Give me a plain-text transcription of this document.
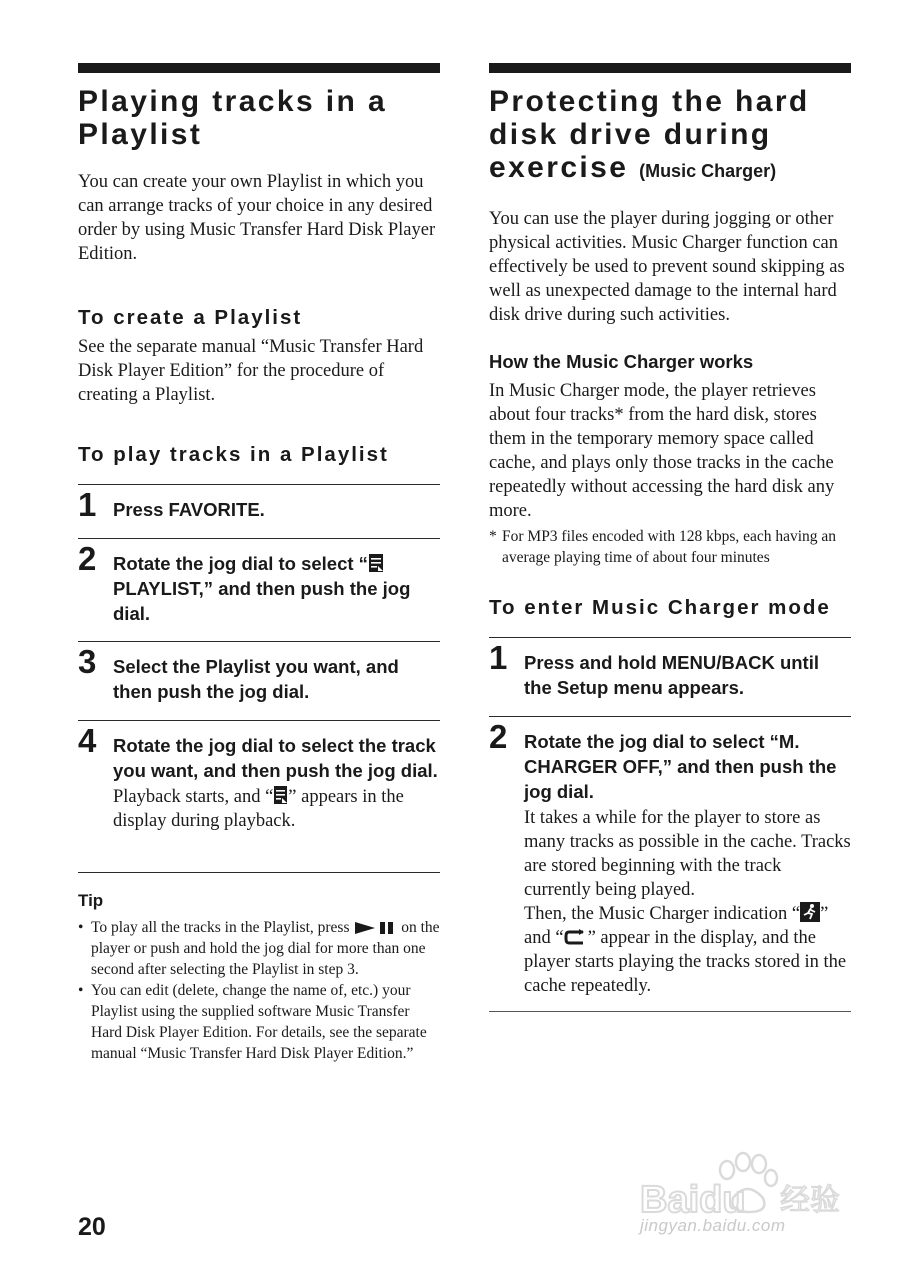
Playing tracks in a Playlist

You can create your own Playlist in which you can arrange tracks of your choice in any desired order by using Music Transfer Hard Disk Player Edition.

To create a Playlist

See the separate manual “Music Transfer Hard Disk Player Edition” for the procedure of creating a Playlist.

To play tracks in a Playlist
1 Press FAVORITE.

2 Rotate the jog dial to select “ PLAYLIST,” and then push the jog dial.

3 Select the Playlist you want, and then push the jog dial.

4 Rotate the jog dial to select the track you want, and then push the jog dial.

Playback starts, and “ ” appears in the display during playback.

Tip

• To play all the tracks in the Playlist, press	on the player or push and hold the jog dial for more than one second after selecting the Playlist in step 3.
• You can edit (delete, change the name of, etc.) your Playlist using the supplied software Music Transfer Hard Disk Player Edition. For details, see the separate manual “Music Transfer Hard Disk Player Edition.”
Protecting the hard disk drive during exercise (Music Charger)

You can use the player during jogging or other physical activities. Music Charger function can effectively be used to prevent sound skipping as well as unexpected damage to the internal hard disk drive during such activities.

How the Music Charger works

In Music Charger mode, the player retrieves about four tracks* from the hard disk, stores them in the temporary memory space called cache, and plays only those tracks in the cache repeatedly without accessing the hard disk any more.

* For MP3 files encoded with 128 kbps, each having an average playing time of about four minutes

To enter Music Charger mode
1 Press and hold MENU/BACK until the Setup menu appears.

2 Rotate the jog dial to select “M. CHARGER OFF,” and then push the jog dial.

It takes a while for the player to store as many tracks as possible in the cache. Tracks are stored beginning with the track currently being played.

Then, the Music Charger indication “ ” and “ ” appear in the display, and the player starts playing the tracks stored in the cache repeatedly.

20
Baidu 经验
jingyan.baidu.com
